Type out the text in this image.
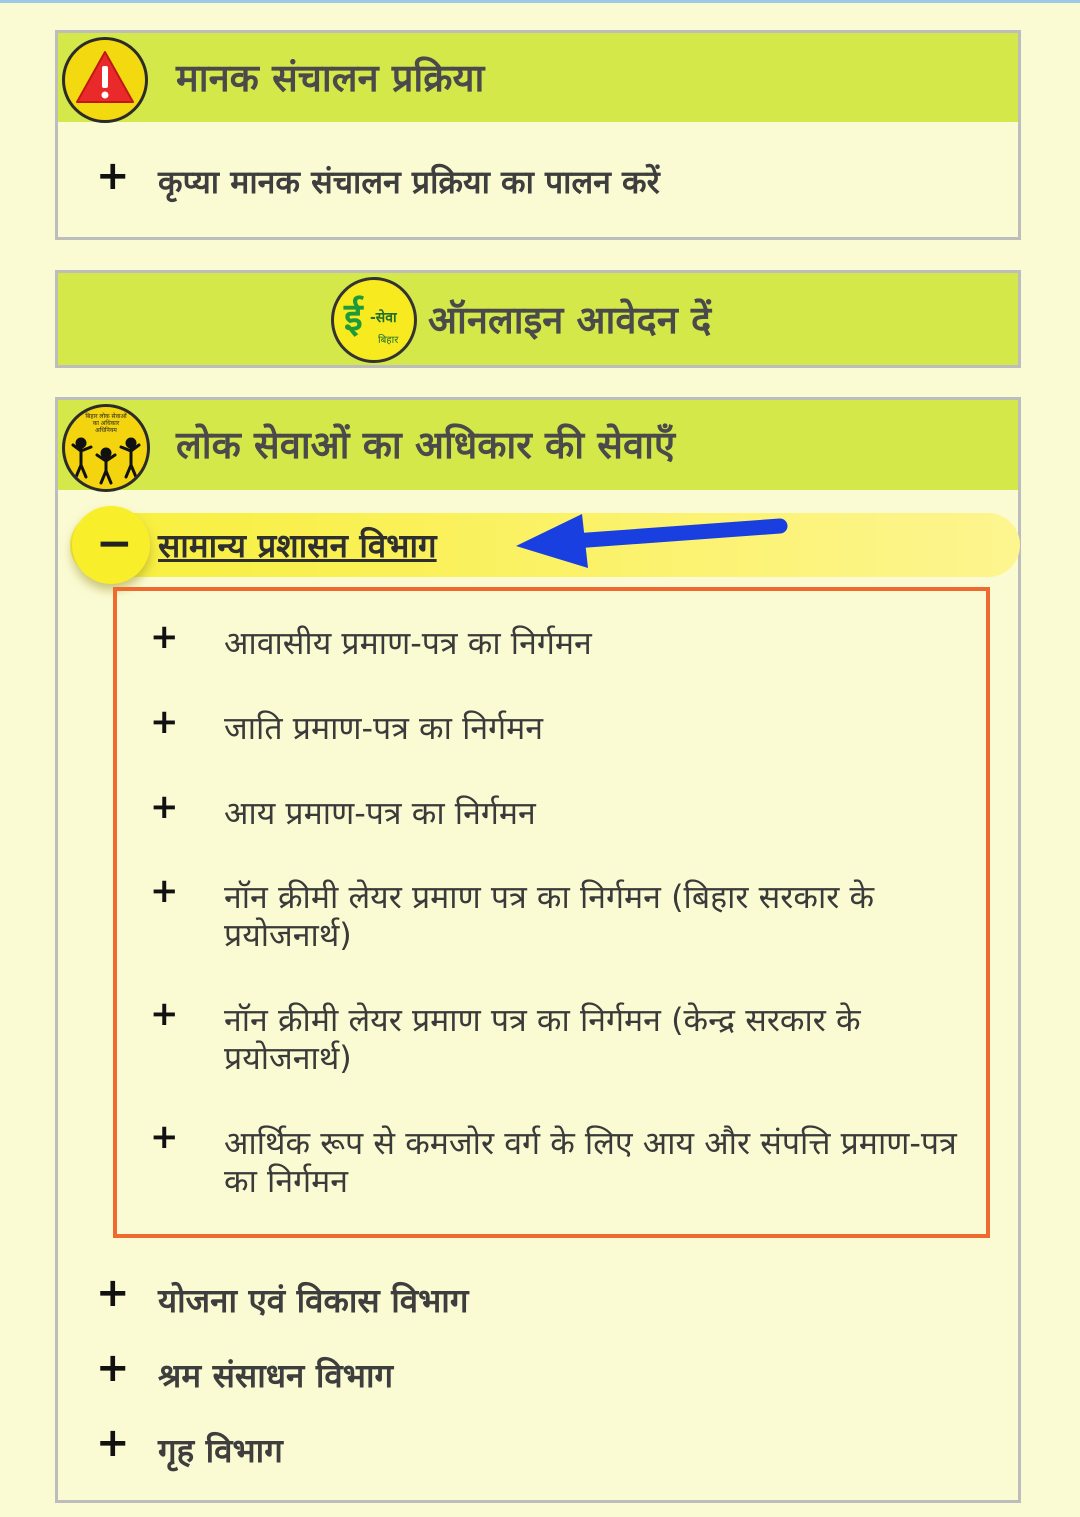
मानक संचालन प्रक्रिया
+ कृप्या मानक संचालन प्रक्रिया का पालन करें
ई -सेवा
बिहार ऑनलाइन आवेदन दें
बिहार लोक सेवाओं का अधिकार अधिनियम	लोक सेवाओं का अधिकार की सेवाएँ
− सामान्य प्रशासन विभाग
+ आवासीय प्रमाण-पत्र का निर्गमन
+ जाति प्रमाण-पत्र का निर्गमन
+ आय प्रमाण-पत्र का निर्गमन
+ नॉन क्रीमी लेयर प्रमाण पत्र का निर्गमन (बिहार सरकार के प्रयोजनार्थ)
+ नॉन क्रीमी लेयर प्रमाण पत्र का निर्गमन (केन्द्र सरकार के प्रयोजनार्थ)
+ आर्थिक रूप से कमजोर वर्ग के लिए आय और संपत्ति प्रमाण-पत्र का निर्गमन
+ योजना एवं विकास विभाग
+ श्रम संसाधन विभाग
+ गृह विभाग
